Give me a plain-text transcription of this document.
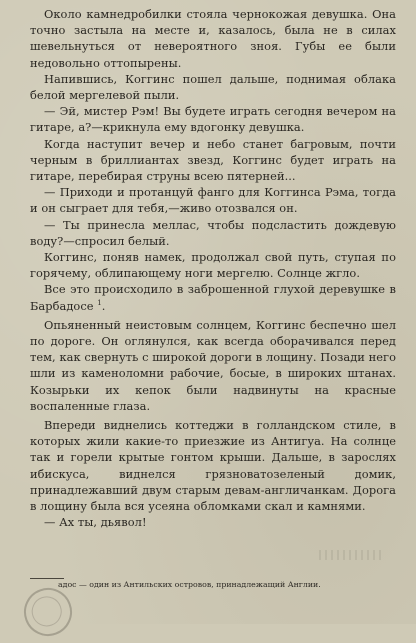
Около камнедробилки стояла чернокожая девушка. Она точно застыла на месте и, казалось, была не в силах шевельнуться от невероятного зноя. Губы ее были недовольно оттопырены.

Напившись, Коггинс пошел дальше, поднимая облака белой мергелевой пыли.

— Эй, мистер Рэм! Вы будете играть сегодня вечером на гитаре, а?—крикнула ему вдогонку девушка.

Когда наступит вечер и небо станет багровым, почти черным в бриллиантах звезд, Коггинс будет играть на гитаре, перебирая струны всею пятерней...

— Приходи и протанцуй фанго для Коггинса Рэма, тогда и он сыграет для тебя,—живо отозвался он.

— Ты принесла меллас, чтобы подсластить дождевую воду?—спросил белый.

Коггинс, поняв намек, продолжал свой путь, ступая по горячему, облипающему ноги мергелю. Солнце жгло.

Все это происходило в заброшенной глухой деревушке в Барбадосе $^1$.

Опьяненный неистовым солнцем, Коггинс беспечно шел по дороге. Он оглянулся, как всегда оборачивался перед тем, как свернуть с широкой дороги в лощину. Позади него шли из каменоломни рабочие, босые, в широких штанах. Козырьки их кепок были надвинуты на красные воспаленные глаза.

Впереди виднелись коттеджи в голландском стиле, в которых жили какие-то приезжие из Антигуа. На солнце так и горели крытые гонтом крыши. Дальше, в зарослях ибискуса, виднелся грязноватозеленый домик, принадлежавший двум старым девам-англичанкам. Дорога в лощину была вся усеяна обломками скал и камнями.

— Ах ты, дьявол!

адос — один из Антильских островов, принадлежащий Англии.
